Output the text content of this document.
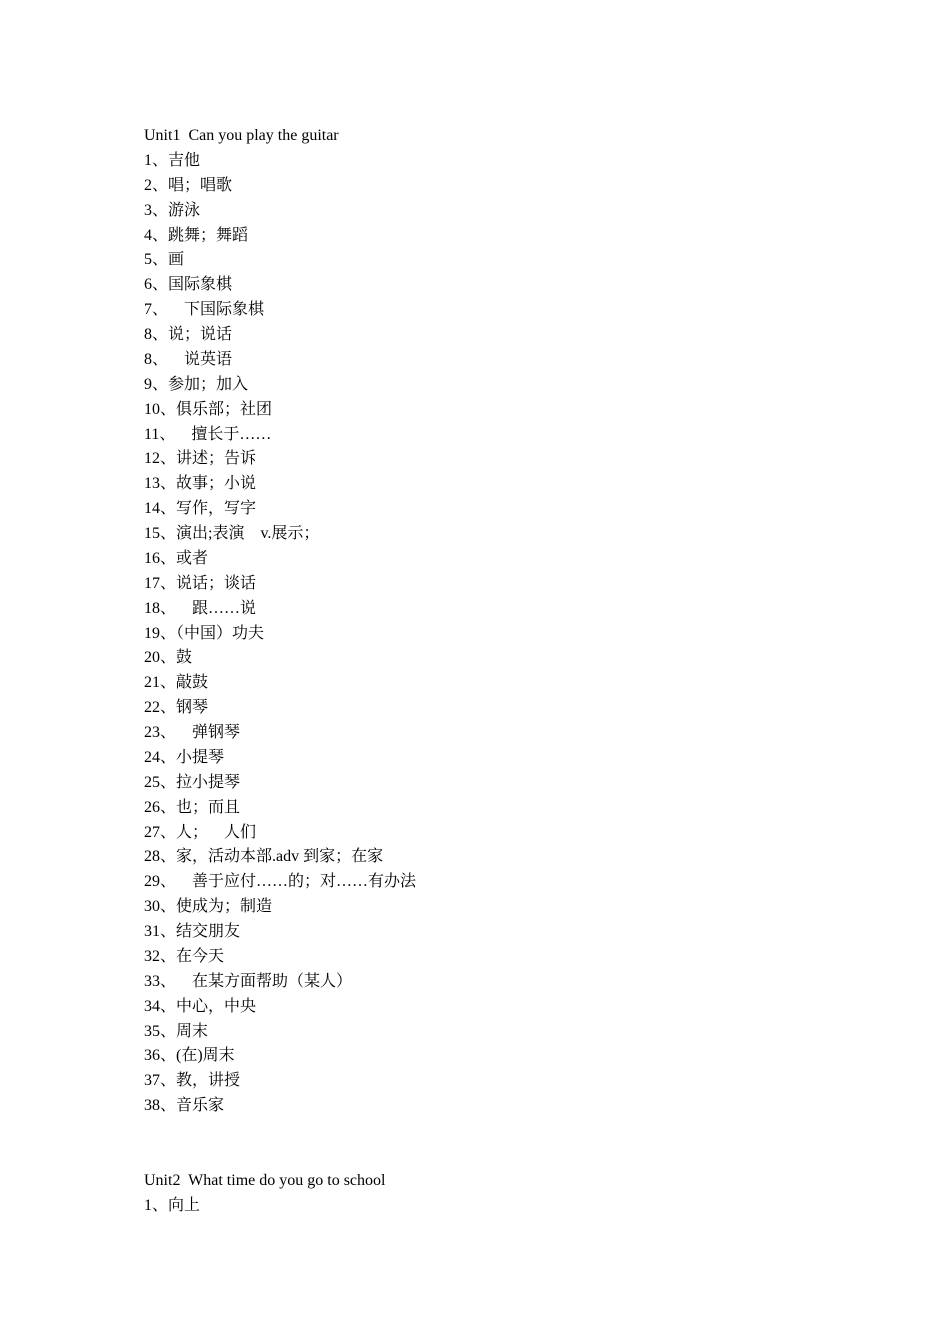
Unit1  Can you play the guitar

1、吉他

2、唱；唱歌

3、游泳

4、跳舞；舞蹈

5、画

6、国际象棋

7、    下国际象棋

8、说；说话

8、    说英语

9、参加；加入

10、俱乐部；社团

11、    擅长于……

12、讲述；告诉

13、故事；小说

14、写作，写字

15、演出;表演    v.展示；

16、或者

17、说话；谈话

18、    跟……说

19、（中国）功夫

20、鼓

21、敲鼓

22、钢琴

23、    弹钢琴

24、小提琴

25、拉小提琴

26、也；而且

27、人；    人们

28、家，活动本部.adv 到家；在家

29、    善于应付……的；对……有办法

30、使成为；制造

31、结交朋友

32、在今天

33、    在某方面帮助（某人）

34、中心，中央

35、周末

36、(在)周末

37、教，讲授

38、音乐家

Unit2  What time do you go to school

1、向上
